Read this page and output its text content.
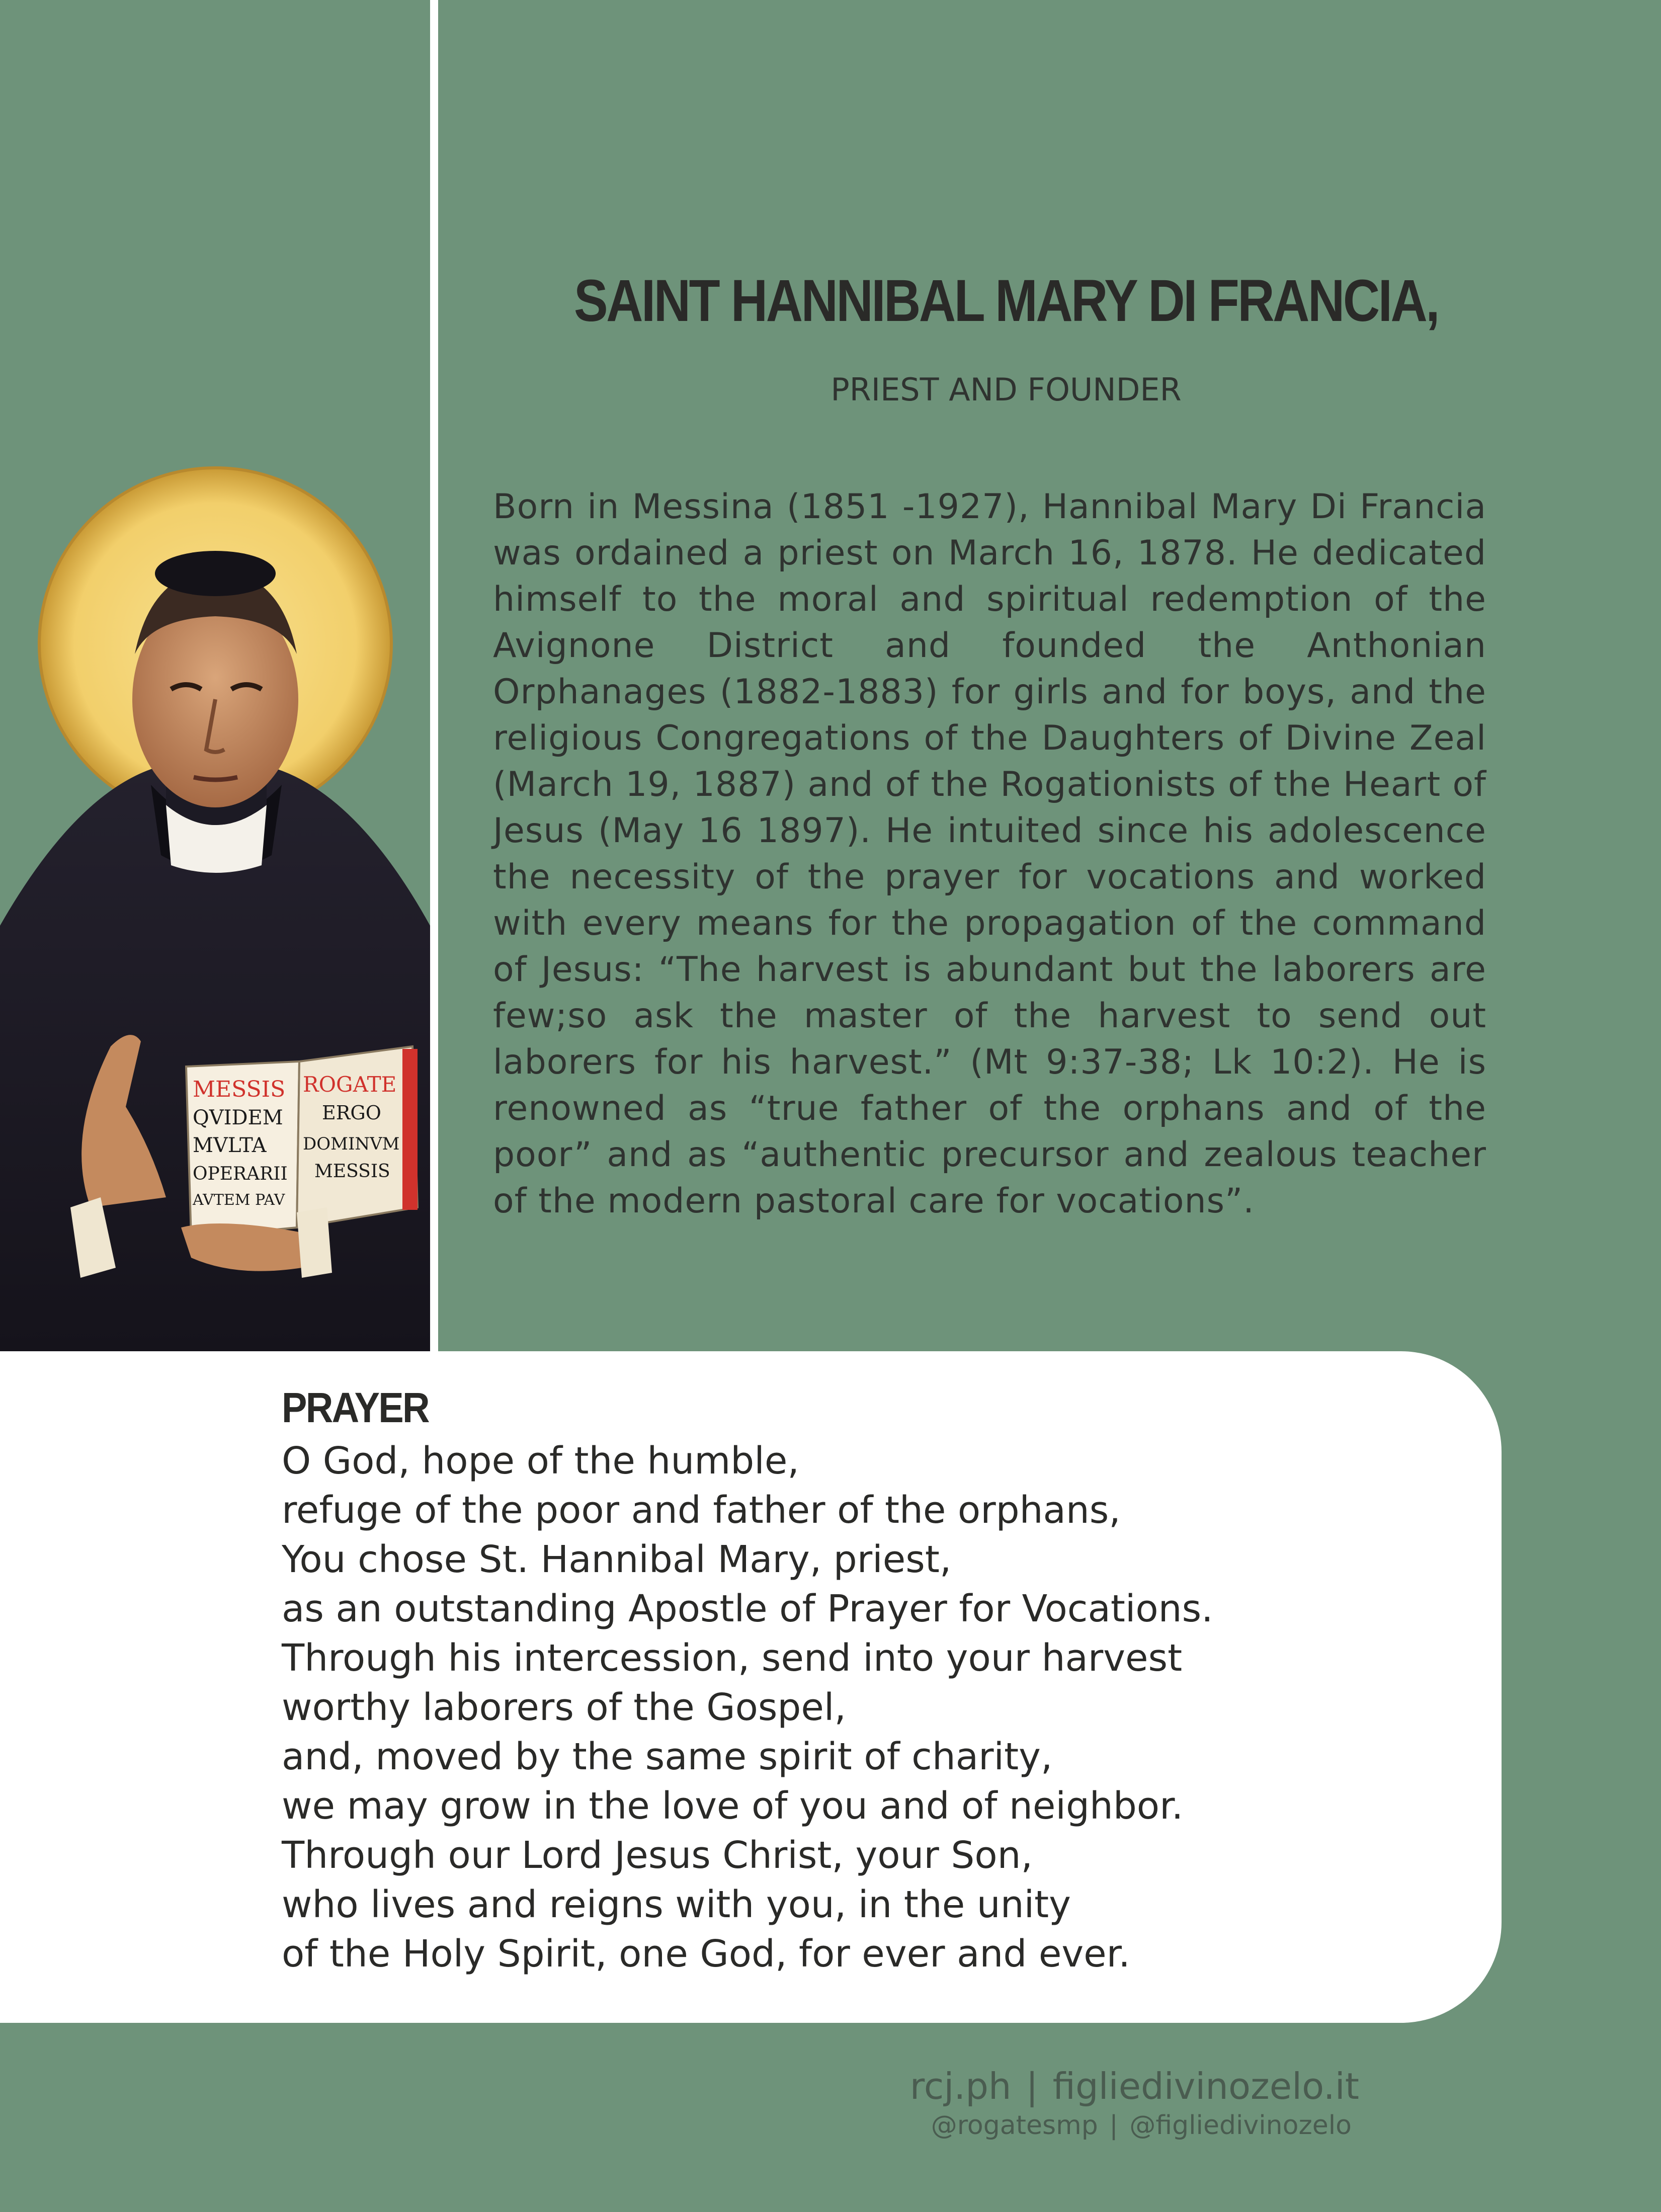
MESSIS
QVIDEM
MVLTA
OPERARII
AVTEM PAV
ROGATE
ERGO
DOMINVM
MESSIS
SAINT HANNIBAL MARY DI FRANCIA,

PRIEST AND FOUNDER

Born in Messina (1851 -1927), Hannibal Mary Di Francia was ordained a priest on March 16, 1878. He dedicated himself to the moral and spiritual redemption of the Avignone District and founded the Anthonian Orphanages (1882-1883) for girls and for boys, and the religious Congregations of the Daughters of Divine Zeal (March 19, 1887) and of the Rogationists of the Heart of Jesus (May 16 1897). He intuited since his adolescence the necessity of the prayer for vocations and worked with every means for the propagation of the command of Jesus: “The harvest is abundant but the laborers are few;so ask the master of the harvest to send out laborers for his harvest.” (Mt 9:37-38; Lk 10:2). He is renowned as “true father of the orphans and of the poor” and as “authentic precursor and zealous teacher of the modern pastoral care for vocations”.

PRAYER
O God, hope of the humble,
refuge of the poor and father of the orphans,
You chose St. Hannibal Mary, priest,
as an outstanding Apostle of Prayer for Vocations.
Through his intercession, send into your harvest
worthy laborers of the Gospel,
and, moved by the same spirit of charity,
we may grow in the love of you and of neighbor.
Through our Lord Jesus Christ, your Son,
who lives and reigns with you, in the unity
of the Holy Spirit, one God, for ever and ever.

rcj.ph | figliedivinozelo.it

@rogatesmp | @figliedivinozelo
